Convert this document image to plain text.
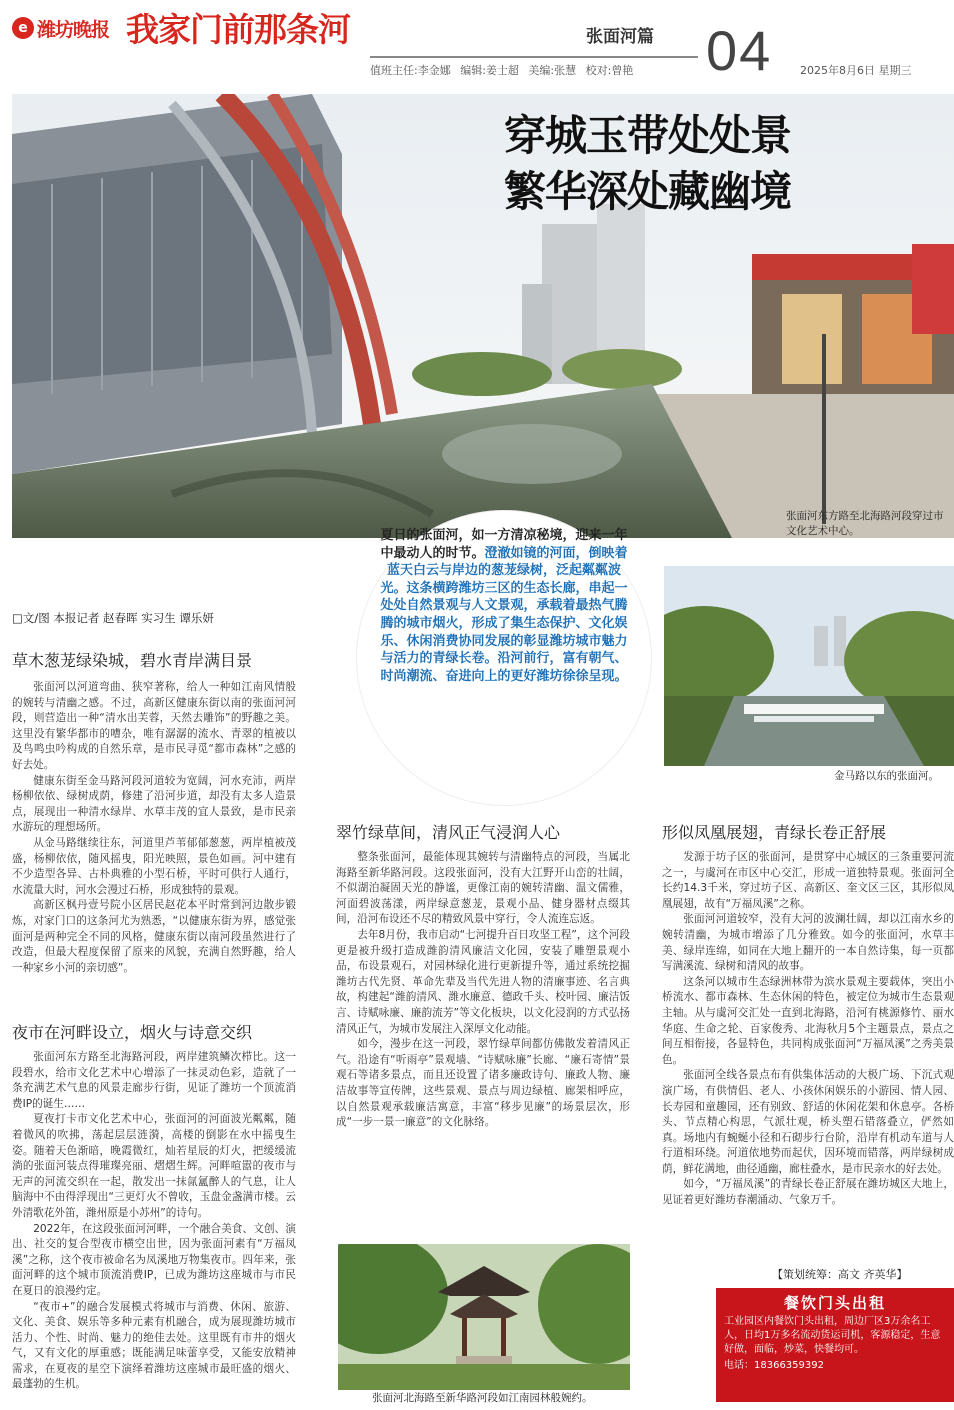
e 潍坊晚报 我家门前那条河	张面河篇 04
值班主任:李金娜 编辑:姜士超 美编:张慧 校对:曾艳	2025年8月6日 星期三
穿城玉带处处景
繁华深处藏幽境
张面河东方路至北海路河段穿过市文化艺术中心。
夏日的张面河，如一方清凉秘境，迎来一年中最动人的时节。澄澈如镜的河面，倒映着蓝天白云与岸边的葱茏绿树，泛起粼粼波光。这条横跨潍坊三区的生态长廊，串起一处处自然景观与人文景观，承载着最热气腾腾的城市烟火，形成了集生态保护、文化娱乐、休闲消费协同发展的彰显潍坊城市魅力与活力的青绿长卷。沿河前行，富有朝气、时尚潮流、奋进向上的更好潍坊徐徐呈现。
金马路以东的张面河。
□文/图 本报记者 赵春晖 实习生 谭乐妍
草木葱茏绿染城，碧水青岸满目景

张面河以河道弯曲、狭窄著称，给人一种如江南风情般的婉转与清幽之感。不过，高新区健康东街以南的张面河河段，则营造出一种“清水出芙蓉，天然去雕饰”的野趣之美。这里没有繁华都市的嘈杂，唯有潺潺的流水、青翠的植被以及鸟鸣虫吟构成的自然乐章，是市民寻觅“都市森林”之感的好去处。

健康东街至金马路河段河道较为宽阔，河水充沛，两岸杨柳依依、绿树成荫，修建了沿河步道，却没有太多人造景点，展现出一种清水绿岸、水草丰茂的宜人景致，是市民亲水游玩的理想场所。

从金马路继续往东，河道里芦苇郁郁葱葱，两岸植被茂盛，杨柳依依，随风摇曳，阳光映照，景色如画。河中建有不少造型各异、古朴典雅的小型石桥，平时可供行人通行，水流量大时，河水会漫过石桥，形成独特的景观。

高新区枫丹壹号院小区居民赵花本平时常到河边散步锻炼，对家门口的这条河尤为熟悉，“以健康东街为界，感觉张面河是两种完全不同的风格，健康东街以南河段虽然进行了改造，但最大程度保留了原来的风貌，充满自然野趣，给人一种家乡小河的亲切感”。

夜市在河畔设立，烟火与诗意交织

张面河东方路至北海路河段，两岸建筑鳞次栉比。这一段碧水，给市文化艺术中心增添了一抹灵动色彩，造就了一条充满艺术气息的风景走廊步行街，见证了潍坊一个顶流消费IP的诞生……

夏夜打卡市文化艺术中心，张面河的河面波光粼粼，随着微风的吹拂，荡起层层涟漪，高楼的倒影在水中摇曳生姿。随着天色渐暗，晚霞微红，灿若星辰的灯火，把缓缓流淌的张面河装点得璀璨亮丽、熠熠生辉。河畔喧嚣的夜市与无声的河流交织在一起，散发出一抹氤氲醉人的气息，让人脑海中不由得浮现出“三更灯火不曾收，玉盘金盏满市楼。云外清歌花外笛，潍州原是小苏州”的诗句。

2022年，在这段张面河河畔，一个融合美食、文创、演出、社交的复合型夜市横空出世，因为张面河素有“万福凤溪”之称，这个夜市被命名为凤溪地万物集夜市。四年来，张面河畔的这个城市顶流消费IP，已成为潍坊这座城市与市民在夏日的浪漫约定。

“夜市+”的融合发展模式将城市与消费、休闲、旅游、文化、美食、娱乐等多种元素有机融合，成为展现潍坊城市活力、个性、时尚、魅力的绝佳去处。这里既有市井的烟火气，又有文化的厚重感；既能满足味蕾享受，又能安放精神需求，在夏夜的星空下演绎着潍坊这座城市最旺盛的烟火、最蓬勃的生机。

翠竹绿草间，清风正气浸润人心

整条张面河，最能体现其婉转与清幽特点的河段，当属北海路至新华路河段。这段张面河，没有大江野开山峦的壮阔，不似湖泊凝固天光的静谧，更像江南的婉转清幽、温文儒雅，河面碧波荡漾，两岸绿意葱茏，景观小品、健身器材点缀其间，沿河布设还不尽的精致风景中穿行，令人流连忘返。

去年8月份，我市启动“七河提升百日攻坚工程”，这个河段更是被升级打造成潍韵清风廉洁文化园，安装了雕塑景观小品，布设景观石，对园林绿化进行更新提升等，通过系统挖掘潍坊古代先贤、革命先辈及当代先进人物的清廉事迹、名言典故，构建起“潍韵清风、潍水廉意、德政千头、校叶园、廉洁饭言、诗赋咏廉、廉韵流芳”等文化板块，以文化浸润的方式弘扬清风正气，为城市发展注入深厚文化动能。

如今，漫步在这一河段，翠竹绿草间都仿佛散发着清风正气。沿途有“听雨亭”景观墙、“诗赋咏廉”长廊、“廉石寄情”景观石等诸多景点，而且还设置了诸多廉政诗句、廉政人物、廉洁故事等宣传牌，这些景观、景点与周边绿植、廊架相呼应，以自然景观承载廉洁寓意，丰富“移步见廉”的场景层次，形成“一步一景一廉意”的文化脉络。

张面河北海路至新华路河段如江南园林般婉约。
形似凤凰展翅，青绿长卷正舒展

发源于坊子区的张面河，是贯穿中心城区的三条重要河流之一，与虞河在市区中心交汇，形成一道独特景观。张面河全长约14.3千米，穿过坊子区、高新区、奎文区三区，其形似凤凰展翅，故有“万福凤溪”之称。

张面河河道较窄，没有大河的波澜壮阔，却以江南水乡的婉转清幽，为城市增添了几分雅致。如今的张面河，水草丰美、绿岸连绵，如同在大地上翻开的一本自然诗集，每一页都写满溪流、绿树和清风的故事。

这条河以城市生态绿洲林带为滨水景观主要载体，突出小桥流水、都市森林、生态休闲的特色，被定位为城市生态景观主轴。从与虞河交汇处一直到北海路，沿河有桃源修竹、丽水华庭、生命之轮、百家俊秀、北海秋月5个主题景点，景点之间互相衔接，各显特色，共同构成张面河“万福凤溪”之秀美景色。

张面河全线各景点布有供集体活动的大极广场、下沉式观演广场，有供情侣、老人、小孩休闲娱乐的小游园、情人园、长寿园和童趣园，还有别致、舒适的休闲花架和休息亭。各桥头、节点精心构思，气派壮观，桥头塑石错落叠立，俨然如真。场地内有蜿蜒小径和石砌步行台阶，沿岸有机动车道与人行道相环绕。河道依地势而起伏，因环境而错落，两岸绿树成荫，鲜花满地，曲径通幽，廊柱叠水，是市民亲水的好去处。

如今，“万福凤溪”的青绿长卷正舒展在潍坊城区大地上，见证着更好潍坊春潮涌动、气象万千。

【策划统筹：高文 齐英华】
餐饮门头出租
工业园区内餐饮门头出租，周边厂区3万余名工人，日均1万多名流动货运司机，客源稳定，生意好做，面临，炒菜，快餐均可。
电话：18366359392
